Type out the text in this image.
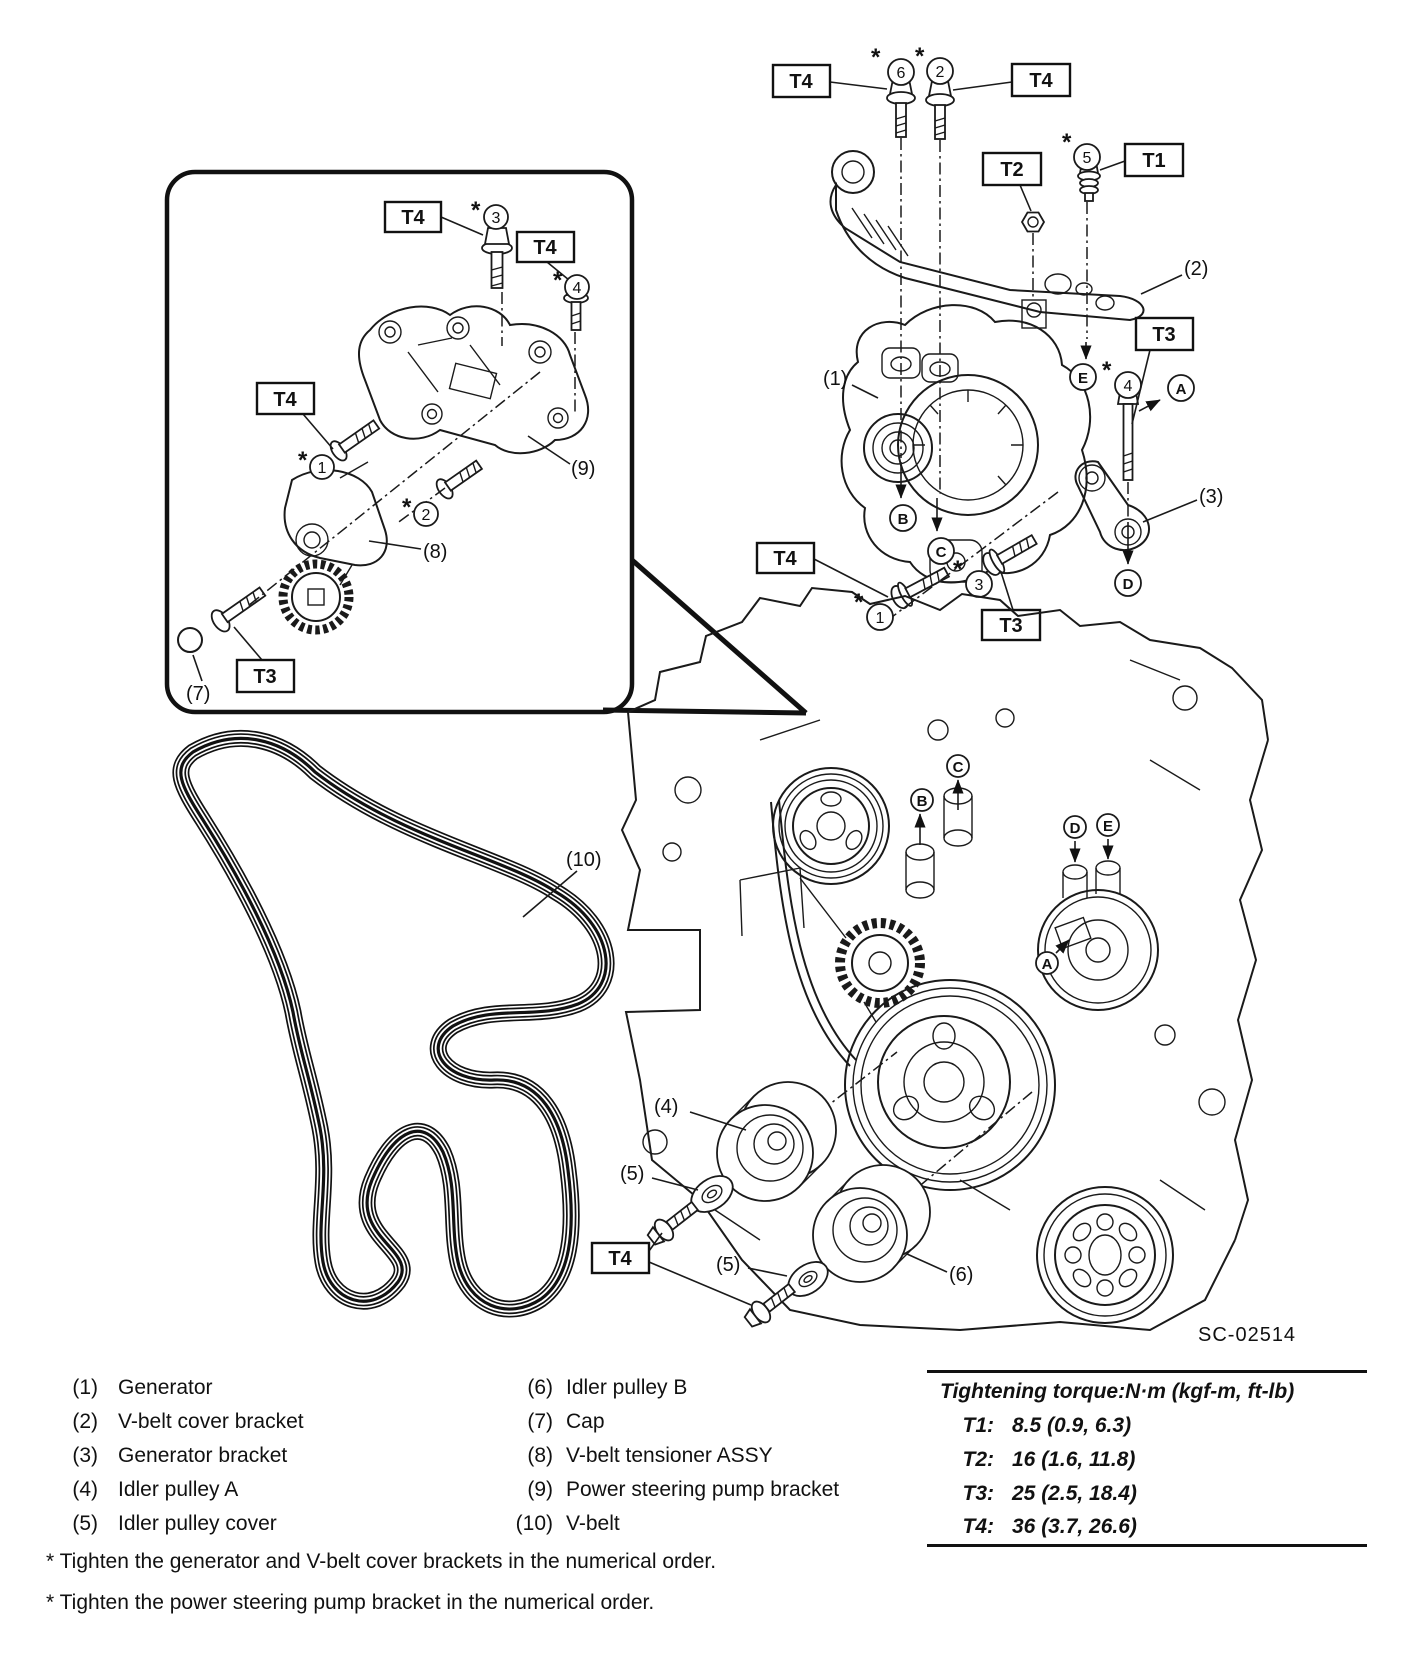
T4
T4
T4
T3
* 3
* 4
* 1
* 2
(9)
(8)
(7)
T4	T4
T2	T1
T3
T4
T3
*
6
*
2
*
5
*
4
*
3
*
1
B
C
E
D
A
(1)
(2)
(3)
B
C
D E
A
(10)
(4)
(5)
(5)	(6)
T4
SC-02514
(1) Generator
(2) V-belt cover bracket
(3) Generator bracket
(4) Idler pulley A
(5) Idler pulley cover
(6) Idler pulley B
(7) Cap
(8) V-belt tensioner ASSY
(9) Power steering pump bracket
(10) V-belt
Tightening torque:N·m (kgf-m, ft-lb)
T1: 8.5 (0.9, 6.3)
T2: 16 (1.6, 11.8)
T3: 25 (2.5, 18.4)
T4: 36 (3.7, 26.6)
* Tighten the generator and V-belt cover brackets in the numerical order.
* Tighten the power steering pump bracket in the numerical order.
